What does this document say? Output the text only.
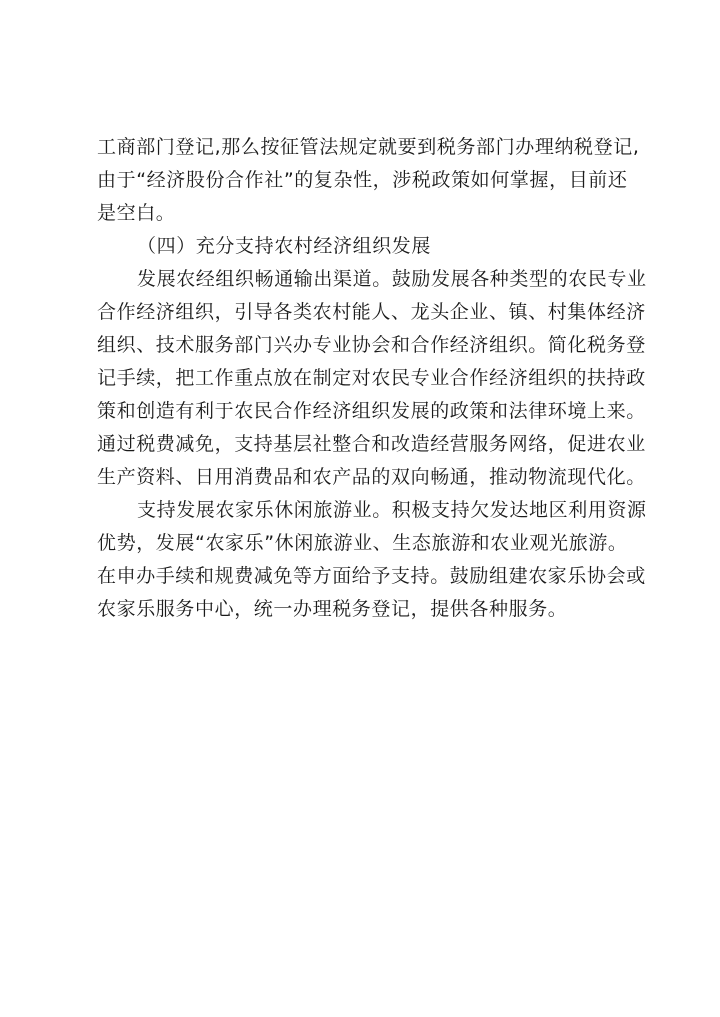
工商部门登记,那么按征管法规定就要到税务部门办理纳税登记,
由于“经济股份合作社”的复杂性，涉税政策如何掌握，目前还
是空白。
（四）充分支持农村经济组织发展
发展农经组织畅通输出渠道。鼓励发展各种类型的农民专业
合作经济组织，引导各类农村能人、龙头企业、镇、村集体经济
组织、技术服务部门兴办专业协会和合作经济组织。简化税务登
记手续，把工作重点放在制定对农民专业合作经济组织的扶持政
策和创造有利于农民合作经济组织发展的政策和法律环境上来。
通过税费减免，支持基层社整合和改造经营服务网络，促进农业
生产资料、日用消费品和农产品的双向畅通，推动物流现代化。
支持发展农家乐休闲旅游业。积极支持欠发达地区利用资源
优势，发展“农家乐”休闲旅游业、生态旅游和农业观光旅游。
在申办手续和规费减免等方面给予支持。鼓励组建农家乐协会或
农家乐服务中心，统一办理税务登记，提供各种服务。
